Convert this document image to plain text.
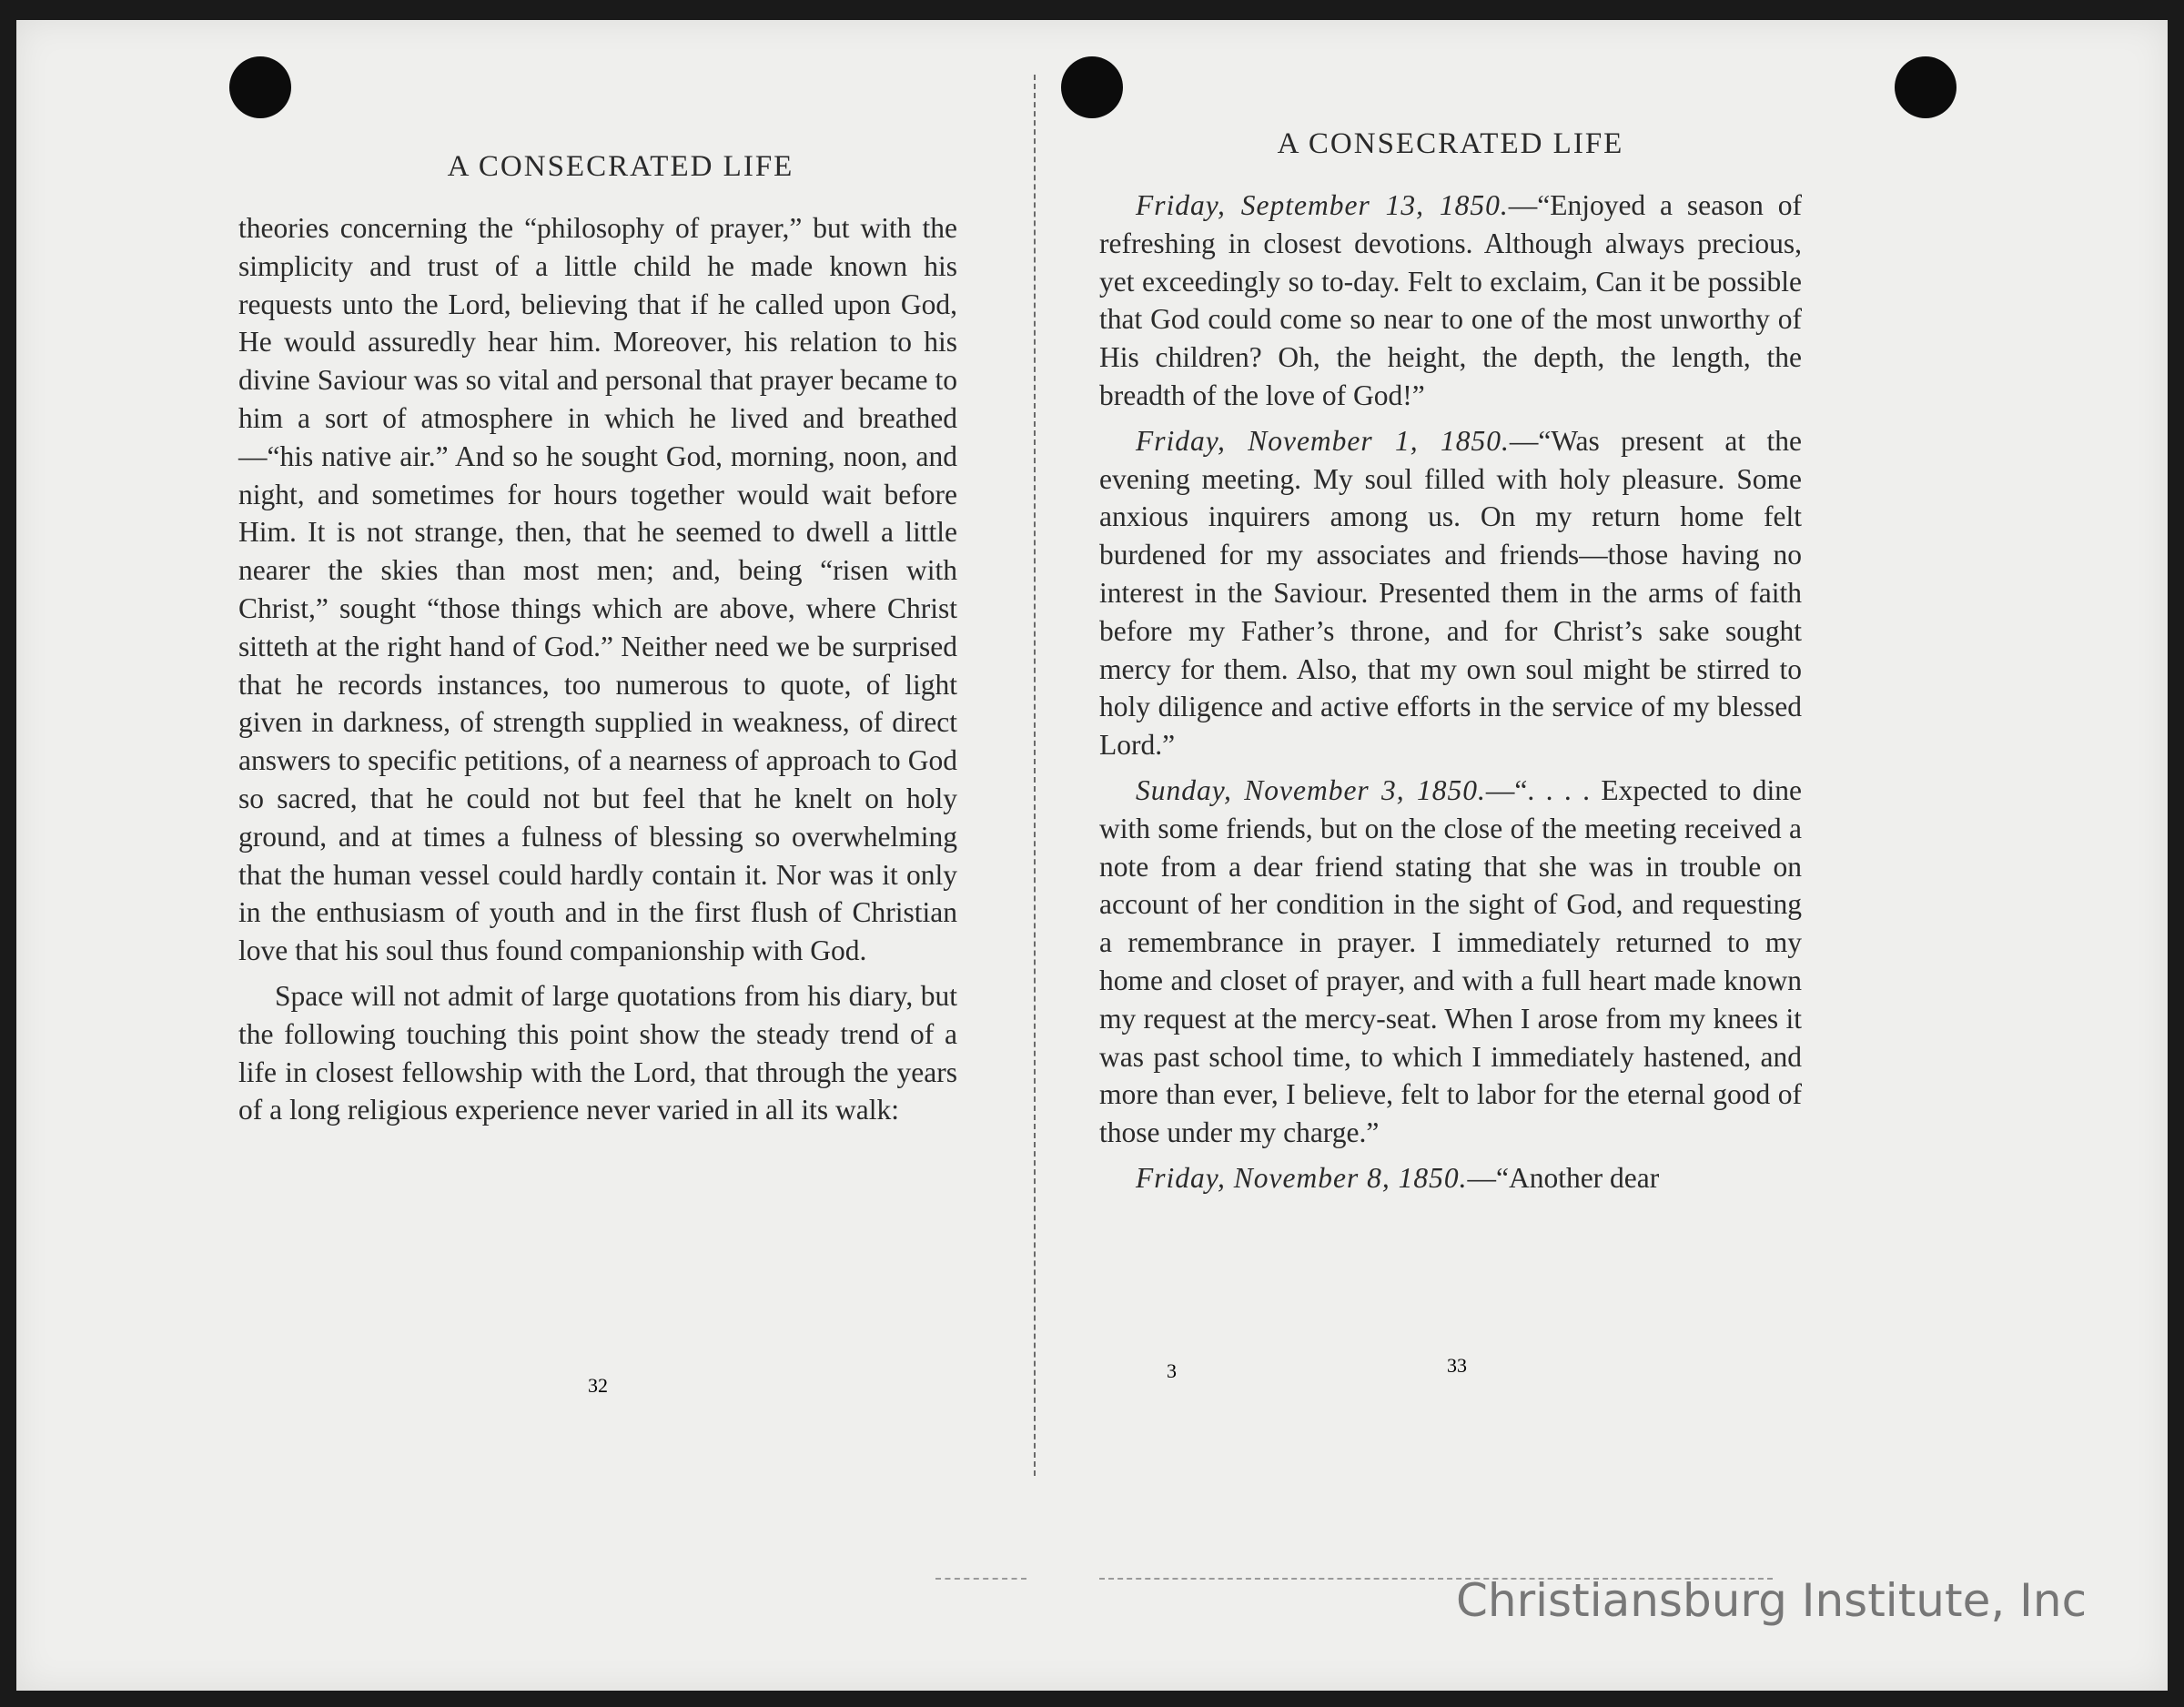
A CONSECRATED LIFE

theories concerning the “philosophy of prayer,” but with the simplicity and trust of a little child he made known his requests unto the Lord, believing that if he called upon God, He would assuredly hear him. Moreover, his relation to his divine Saviour was so vital and personal that prayer became to him a sort of atmosphere in which he lived and breathed—“his native air.” And so he sought God, morning, noon, and night, and sometimes for hours together would wait before Him. It is not strange, then, that he seemed to dwell a little nearer the skies than most men; and, being “risen with Christ,” sought “those things which are above, where Christ sitteth at the right hand of God.” Neither need we be surprised that he records instances, too numerous to quote, of light given in darkness, of strength supplied in weakness, of direct answers to specific petitions, of a nearness of approach to God so sacred, that he could not but feel that he knelt on holy ground, and at times a fulness of blessing so overwhelming that the human vessel could hardly contain it. Nor was it only in the enthusiasm of youth and in the first flush of Christian love that his soul thus found companionship with God.

Space will not admit of large quotations from his diary, but the following touching this point show the steady trend of a life in closest fellowship with the Lord, that through the years of a long religious experience never varied in all its walk:

32
A CONSECRATED LIFE

Friday, September 13, 1850.—“Enjoyed a season of refreshing in closest devotions. Although always precious, yet exceedingly so to-day. Felt to exclaim, Can it be possible that God could come so near to one of the most unworthy of His children? Oh, the height, the depth, the length, the breadth of the love of God!”

Friday, November 1, 1850.—“Was present at the evening meeting. My soul filled with holy pleasure. Some anxious inquirers among us. On my return home felt burdened for my associates and friends—those having no interest in the Saviour. Presented them in the arms of faith before my Father’s throne, and for Christ’s sake sought mercy for them. Also, that my own soul might be stirred to holy diligence and active efforts in the service of my blessed Lord.”

Sunday, November 3, 1850.—“. . . . Expected to dine with some friends, but on the close of the meeting received a note from a dear friend stating that she was in trouble on account of her condition in the sight of God, and requesting a remembrance in prayer. I immediately returned to my home and closet of prayer, and with a full heart made known my request at the mercy-seat. When I arose from my knees it was past school time, to which I immediately hastened, and more than ever, I believe, felt to labor for the eternal good of those under my charge.”

Friday, November 8, 1850.—“Another dear

3	33
Christiansburg Institute, Inc
